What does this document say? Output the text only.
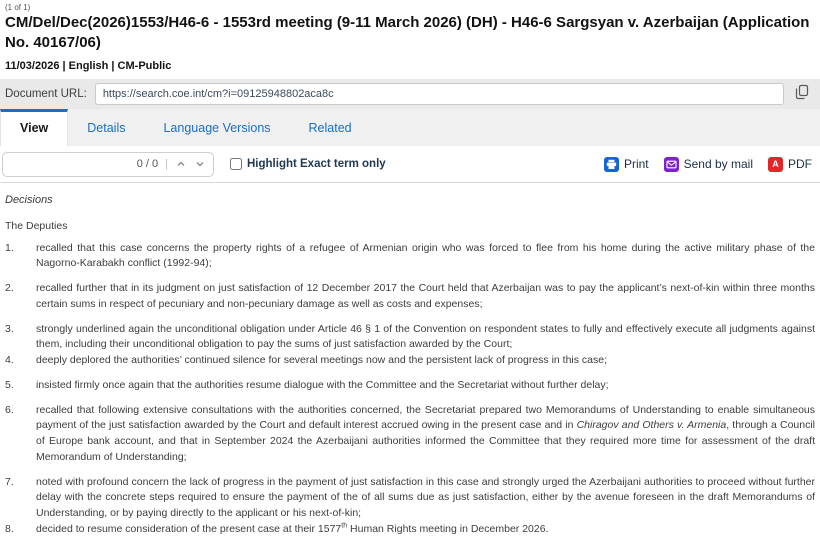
(1 of 1)
CM/Del/Dec(2026)1553/H46-6 - 1553rd meeting (9-11 March 2026) (DH) - H46-6 Sargsyan v. Azerbaijan (Application No. 40167/06)
11/03/2026 | English | CM-Public
Document URL:
https://search.coe.int/cm?i=09125948802aca8c
View	Details	Language Versions	Related
0 / 0 |	Highlight Exact term only	Print	Send by mail A PDF
Decisions
The Deputies
1. recalled that this case concerns the property rights of a refugee of Armenian origin who was forced to flee from his home during the active military phase of the Nagorno-Karabakh conflict (1992-94);
2. recalled further that in its judgment on just satisfaction of 12 December 2017 the Court held that Azerbaijan was to pay the applicant’s next-of-kin within three months certain sums in respect of pecuniary and non-pecuniary damage as well as costs and expenses;
3. strongly underlined again the unconditional obligation under Article 46 § 1 of the Convention on respondent states to fully and effectively execute all judgments against them, including their unconditional obligation to pay the sums of just satisfaction awarded by the Court;
4. deeply deplored the authorities’ continued silence for several meetings now and the persistent lack of progress in this case;
5. insisted firmly once again that the authorities resume dialogue with the Committee and the Secretariat without further delay;
6. recalled that following extensive consultations with the authorities concerned, the Secretariat prepared two Memorandums of Understanding to enable simultaneous payment of the just satisfaction awarded by the Court and default interest accrued owing in the present case and in Chiragov and Others v. Armenia, through a Council of Europe bank account, and that in September 2024 the Azerbaijani authorities informed the Committee that they required more time for assessment of the draft Memorandum of Understanding;
7. noted with profound concern the lack of progress in the payment of just satisfaction in this case and strongly urged the Azerbaijani authorities to proceed without further delay with the concrete steps required to ensure the payment of the of all sums due as just satisfaction, either by the avenue foreseen in the draft Memorandums of Understanding, or by paying directly to the applicant or his next-of-kin;
8. decided to resume consideration of the present case at their 1577th Human Rights meeting in December 2026.
